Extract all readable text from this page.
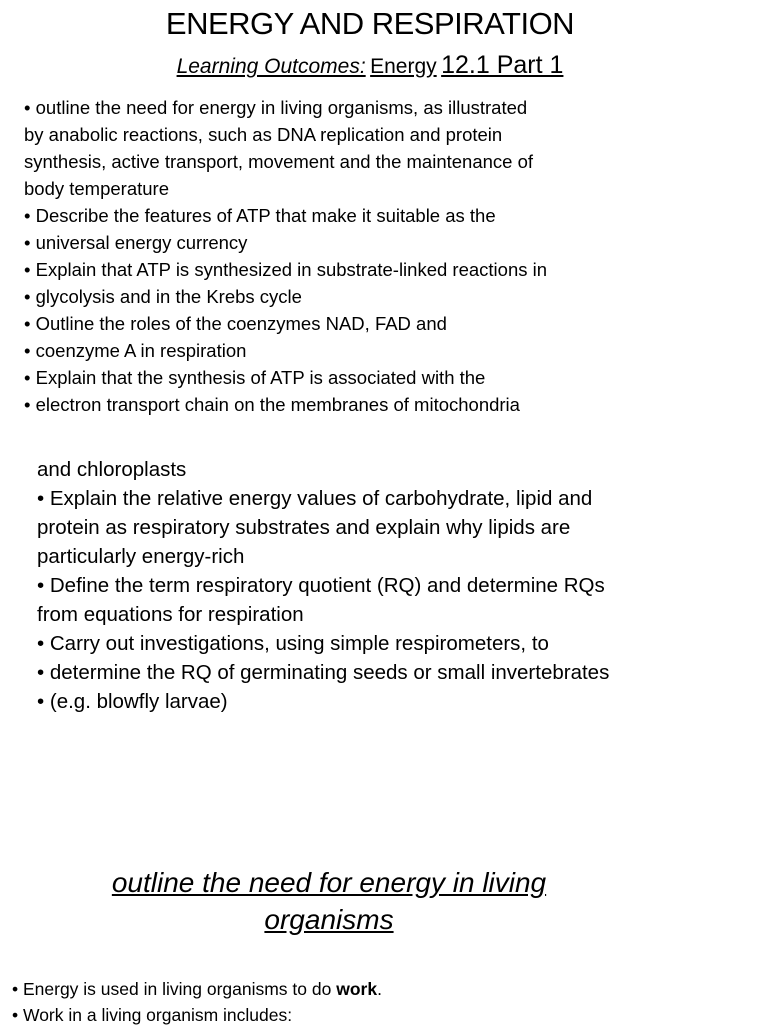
ENERGY AND RESPIRATION
Learning Outcomes: Energy 12.1 Part 1
• outline the need for energy in living organisms, as illustrated
by anabolic reactions, such as DNA replication and protein
synthesis, active transport, movement and the maintenance of
body temperature
• Describe the features of ATP that make it suitable as the
• universal energy currency
• Explain that ATP is synthesized in substrate-linked reactions in
• glycolysis and in the Krebs cycle
• Outline the roles of the coenzymes NAD, FAD and
• coenzyme A in respiration
• Explain that the synthesis of ATP is associated with the
• electron transport chain on the membranes of mitochondria
and chloroplasts
• Explain the relative energy values of carbohydrate, lipid and
protein as respiratory substrates and explain why lipids are
particularly energy-rich
• Define the term respiratory quotient (RQ) and determine RQs
from equations for respiration
• Carry out investigations, using simple respirometers, to
• determine the RQ of germinating seeds or small invertebrates
• (e.g. blowfly larvae)
outline the need for energy in living
organisms
• Energy is used in living organisms to do work.
• Work in a living organism includes:
